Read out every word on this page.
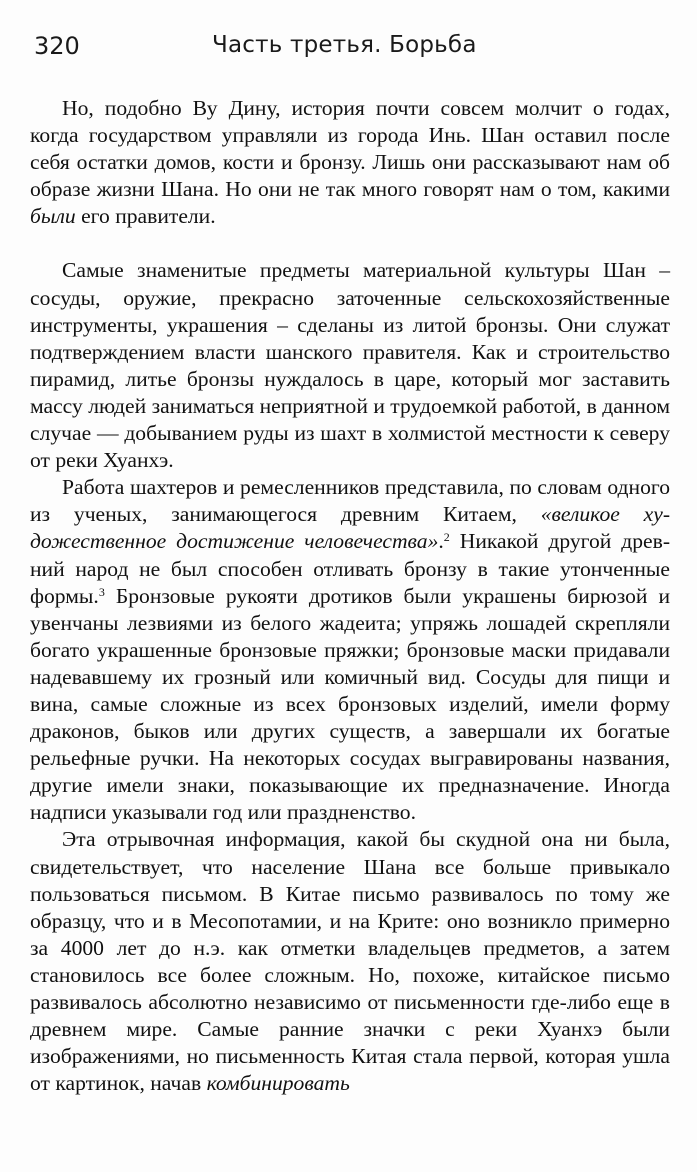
320	Часть третья. Борьба

Но, подобно Ву Дину, история почти совсем молчит о годах, когда государством управляли из города Инь. Шан оставил после себя остатки домов, кости и бронзу. Лишь они рассказывают нам об образе жизни Шана. Но они не так много говорят нам о том, какими были его правители.

Самые знаменитые предметы материальной культуры Шан – сосуды, оружие, прекрасно заточенные сельскохозяйственные инструменты, украшения – сделаны из литой бронзы. Они служат подтверждением власти шанского правителя. Как и строительство пирамид, литье бронзы нуждалось в царе, который мог заставить массу людей заниматься неприятной и трудоемкой работой, в данном случае — добыванием руды из шахт в холмистой местности к северу от реки Хуанхэ.

Работа шахтеров и ремесленников представила, по словам одного из ученых, занимающегося древним Китаем, «великое художественное достижение человечества».$^2$ Никакой другой древний народ не был способен отливать бронзу в такие утонченные формы.$^3$ Бронзовые рукояти дротиков были украшены бирюзой и увенчаны лезвиями из белого жадеита; упряжь лошадей скрепляли богато украшенные бронзовые пряжки; бронзовые маски придавали надевавшему их грозный или комичный вид. Сосуды для пищи и вина, самые сложные из всех бронзовых изделий, имели форму драконов, быков или других существ, а завершали их богатые рельефные ручки. На некоторых сосудах выгравированы названия, другие имели знаки, показывающие их предназначение. Иногда надписи указывали год или праздненство.

Эта отрывочная информация, какой бы скудной она ни была, свидетельствует, что население Шана все больше привыкало пользоваться письмом. В Китае письмо развивалось по тому же образцу, что и в Месопотамии, и на Крите: оно возникло примерно за 4000 лет до н.э. как отметки владельцев предметов, а затем становилось все более сложным. Но, похоже, китайское письмо развивалось абсолютно независимо от письменности где-либо еще в древнем мире. Самые ранние значки с реки Хуанхэ были изображениями, но письменность Китая стала первой, которая ушла от картинок, начав комбинировать
